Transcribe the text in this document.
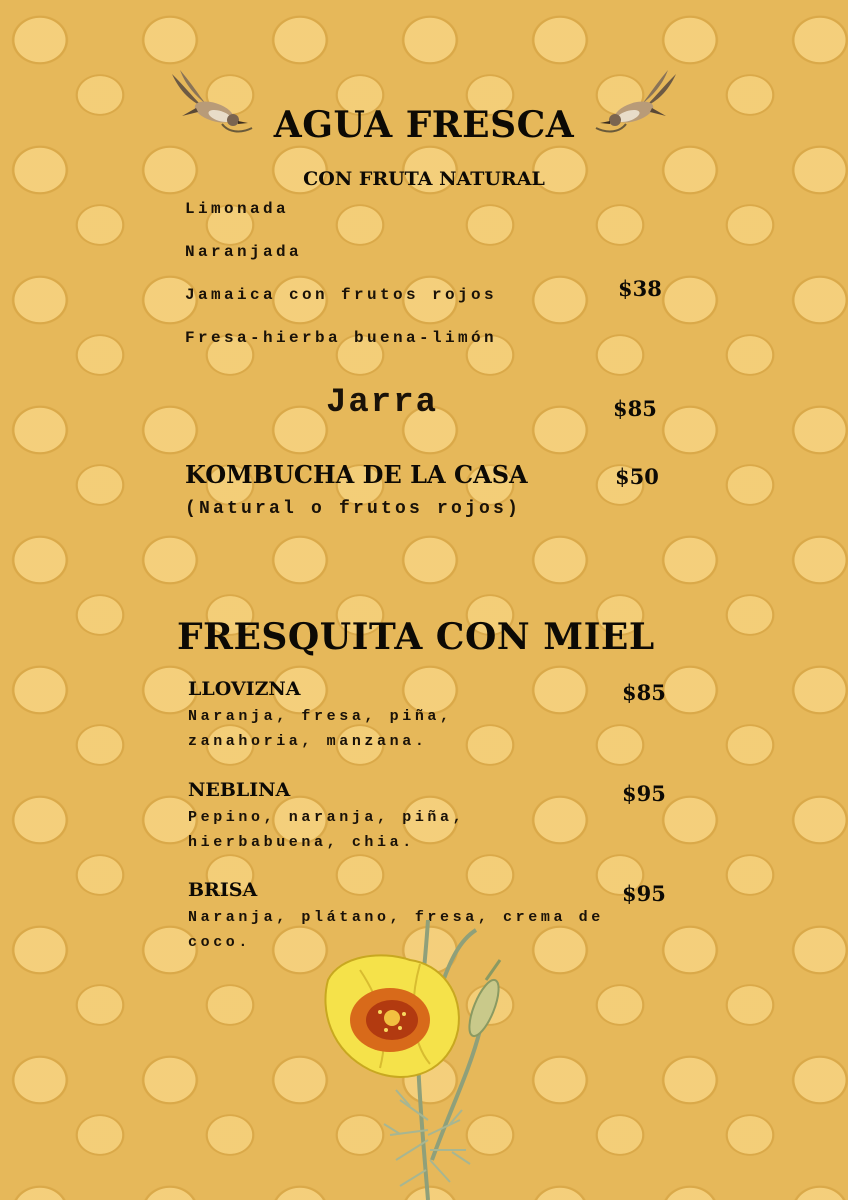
AGUA FRESCA
CON FRUTA NATURAL
Limonada
Naranjada
Jamaica con frutos rojos
Fresa-hierba buena-limón
$38
Jarra	$85
KOMBUCHA DE LA CASA	$50
(Natural o frutos rojos)
FRESQUITA CON MIEL
LLOVIZNA	$85
Naranja, fresa, piña, zanahoria, manzana.
NEBLINA	$95
Pepino, naranja, piña, hierbabuena, chia.
BRISA	$95
Naranja, plátano, fresa, crema de coco.
